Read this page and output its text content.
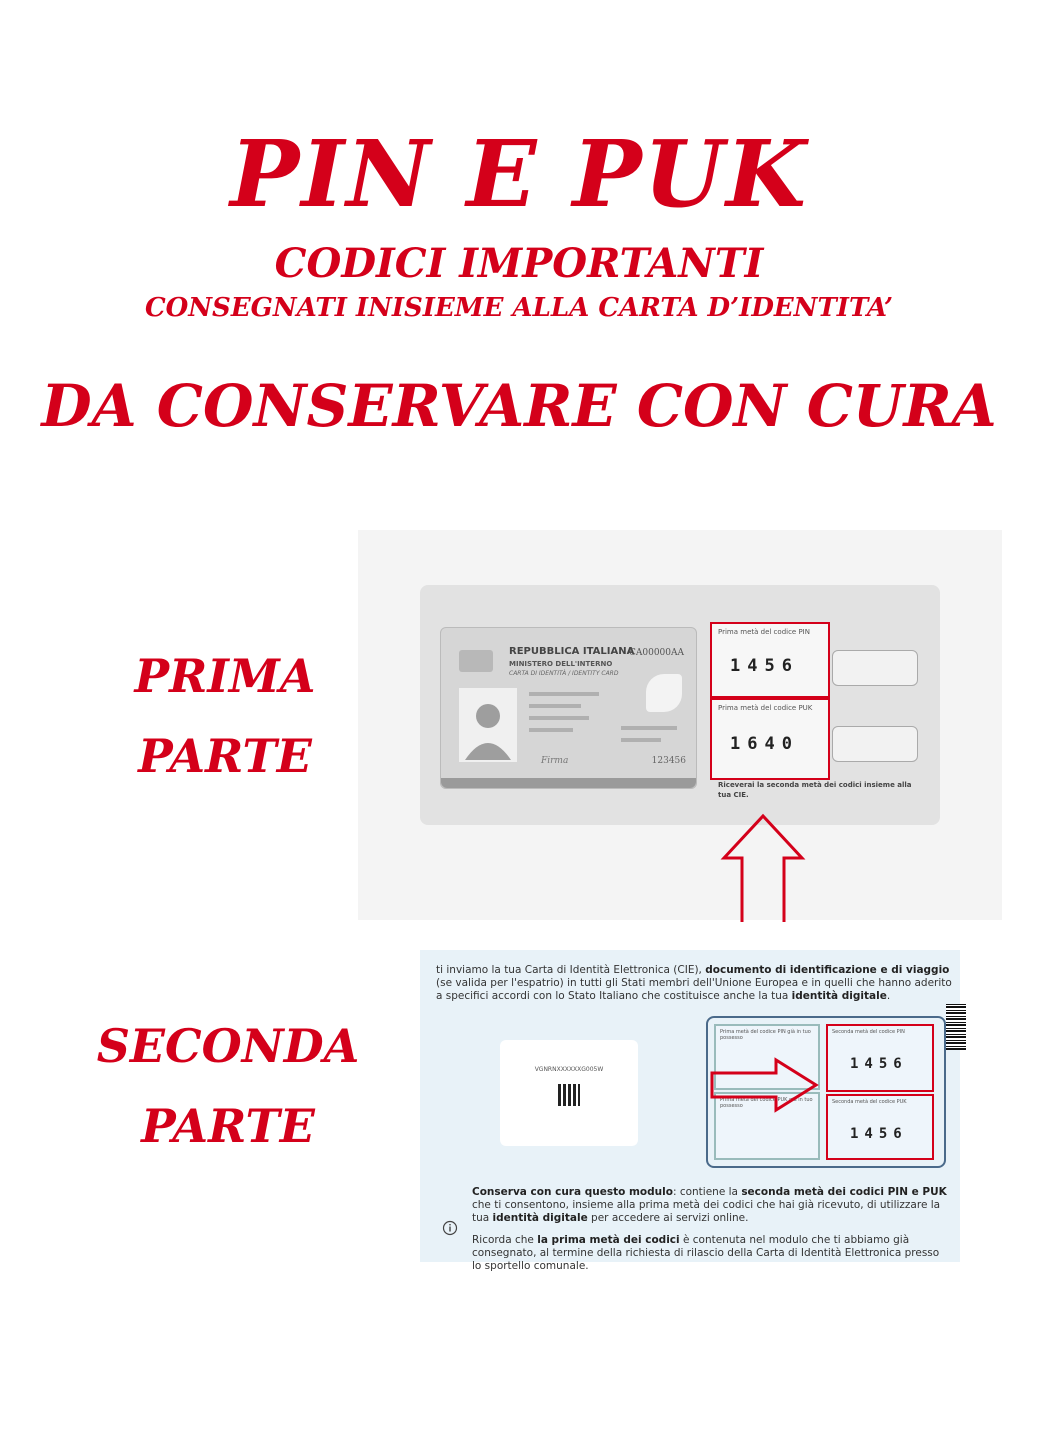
PIN E PUK
CODICI IMPORTANTI
CONSEGNATI INISIEME ALLA CARTA D’IDENTITA’
DA CONSERVARE CON CURA
PRIMA
PARTE
SECONDA
PARTE
REPUBBLICA ITALIANA
MINISTERO DELL'INTERNO
CARTA DI IDENTITÀ / IDENTITY CARD
CA00000AA
Firma	123456
Prima metà del codice PIN
1456
Prima metà del codice PUK
1640
Riceverai la seconda metà dei codici insieme alla tua CIE.
ti inviamo la tua Carta di Identità Elettronica (CIE), documento di identificazione e di viaggio (se valida per l'espatrio) in tutti gli Stati membri dell'Unione Europea e in quelli che hanno aderito a specifici accordi con lo Stato Italiano che costituisce anche la tua identità digitale.
VGNRNXXXXXXG005W
Prima metà del codice PIN già in tuo possesso
Prima metà del codice PUK già in tuo possesso
Seconda metà del codice PIN
1456
Seconda metà del codice PUK
1456
Conserva con cura questo modulo: contiene la seconda metà dei codici PIN e PUK che ti consentono, insieme alla prima metà dei codici che hai già ricevuto, di utilizzare la tua identità digitale per accedere ai servizi online.
Ricorda che la prima metà dei codici è contenuta nel modulo che ti abbiamo già consegnato, al termine della richiesta di rilascio della Carta di Identità Elettronica presso lo sportello comunale.
